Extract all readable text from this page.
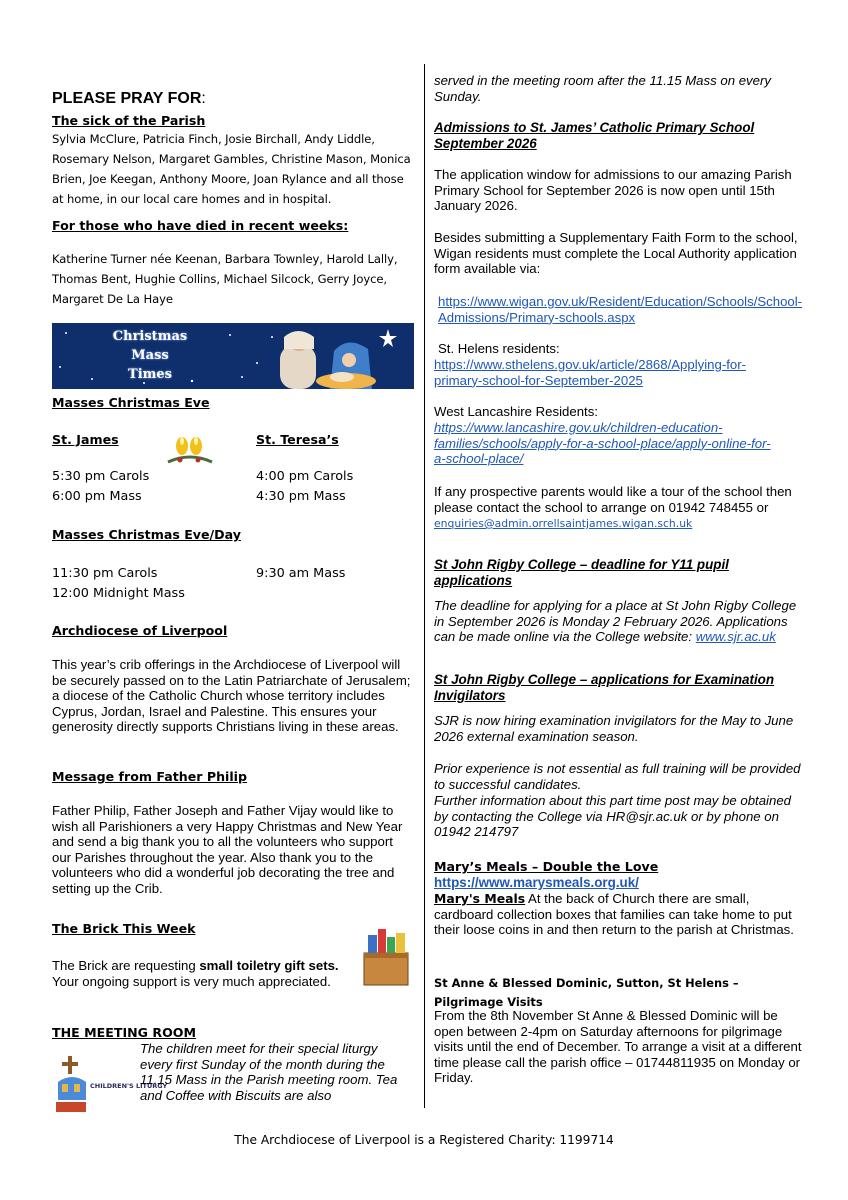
PLEASE PRAY FOR:
The sick of the Parish
Sylvia McClure, Patricia Finch, Josie Birchall, Andy Liddle, Rosemary Nelson, Margaret Gambles, Christine Mason, Monica Brien, Joe Keegan, Anthony Moore, Joan Rylance and all those at home, in our local care homes and in hospital.
For those who have died in recent weeks:
Katherine Turner née Keenan, Barbara Townley, Harold Lally, Thomas Bent, Hughie Collins, Michael Silcock, Gerry Joyce, Margaret De La Haye
Christmas
Mass
Times
Masses Christmas Eve
St. James	St. Teresa’s
5:30 pm Carols
6:00 pm Mass
4:00 pm Carols
4:30 pm Mass
Masses Christmas Eve/Day
11:30 pm Carols
12:00 Midnight Mass
9:30 am Mass
Archdiocese of Liverpool
This year’s crib offerings in the Archdiocese of Liverpool will be securely passed on to the Latin Patriarchate of Jerusalem; a diocese of the Catholic Church whose territory includes Cyprus, Jordan, Israel and Palestine. This ensures your generosity directly supports Christians living in these areas.
Message from Father Philip
Father Philip, Father Joseph and Father Vijay would like to wish all Parishioners a very Happy Christmas and New Year and send a big thank you to all the volunteers who support our Parishes throughout the year. Also thank you to the volunteers who did a wonderful job decorating the tree and setting up the Crib.
The Brick This Week
The Brick are requesting small toiletry gift sets. Your ongoing support is very much appreciated.
THE MEETING ROOM
CHILDREN'S LITURGY
The children meet for their special liturgy every first Sunday of the month during the 11.15 Mass in the Parish meeting room. Tea and Coffee with Biscuits are also
served in the meeting room after the 11.15 Mass on every Sunday.
Admissions to St. James’ Catholic Primary School September 2026
The application window for admissions to our amazing Parish Primary School for September 2026 is now open until 15th January 2026.
Besides submitting a Supplementary Faith Form to the school, Wigan residents must complete the Local Authority application form available via:
https://www.wigan.gov.uk/Resident/Education/Schools/School-Admissions/Primary-schools.aspx
St. Helens residents:
https://www.sthelens.gov.uk/article/2868/Applying-for-primary-school-for-September-2025
West Lancashire Residents:
https://www.lancashire.gov.uk/children-education-families/schools/apply-for-a-school-place/apply-online-for-a-school-place/
If any prospective parents would like a tour of the school then please contact the school to arrange on 01942 748455 or enquiries@admin.orrellsaintjames.wigan.sch.uk
St John Rigby College – deadline for Y11 pupil applications
The deadline for applying for a place at St John Rigby College in September 2026 is Monday 2 February 2026. Applications can be made online via the College website: www.sjr.ac.uk
St John Rigby College – applications for Examination Invigilators
SJR is now hiring examination invigilators for the May to June 2026 external examination season.
Prior experience is not essential as full training will be provided to successful candidates.
Further information about this part time post may be obtained by contacting the College via HR@sjr.ac.uk or by phone on 01942 214797
Mary’s Meals – Double the Love
https://www.marysmeals.org.uk/
Mary's Meals At the back of Church there are small, cardboard collection boxes that families can take home to put their loose coins in and then return to the parish at Christmas.
St Anne & Blessed Dominic, Sutton, St Helens – Pilgrimage Visits
From the 8th November St Anne & Blessed Dominic will be open between 2-4pm on Saturday afternoons for pilgrimage visits until the end of December. To arrange a visit at a different time please call the parish office – 01744811935 on Monday or Friday.
The Archdiocese of Liverpool is a Registered Charity: 1199714
